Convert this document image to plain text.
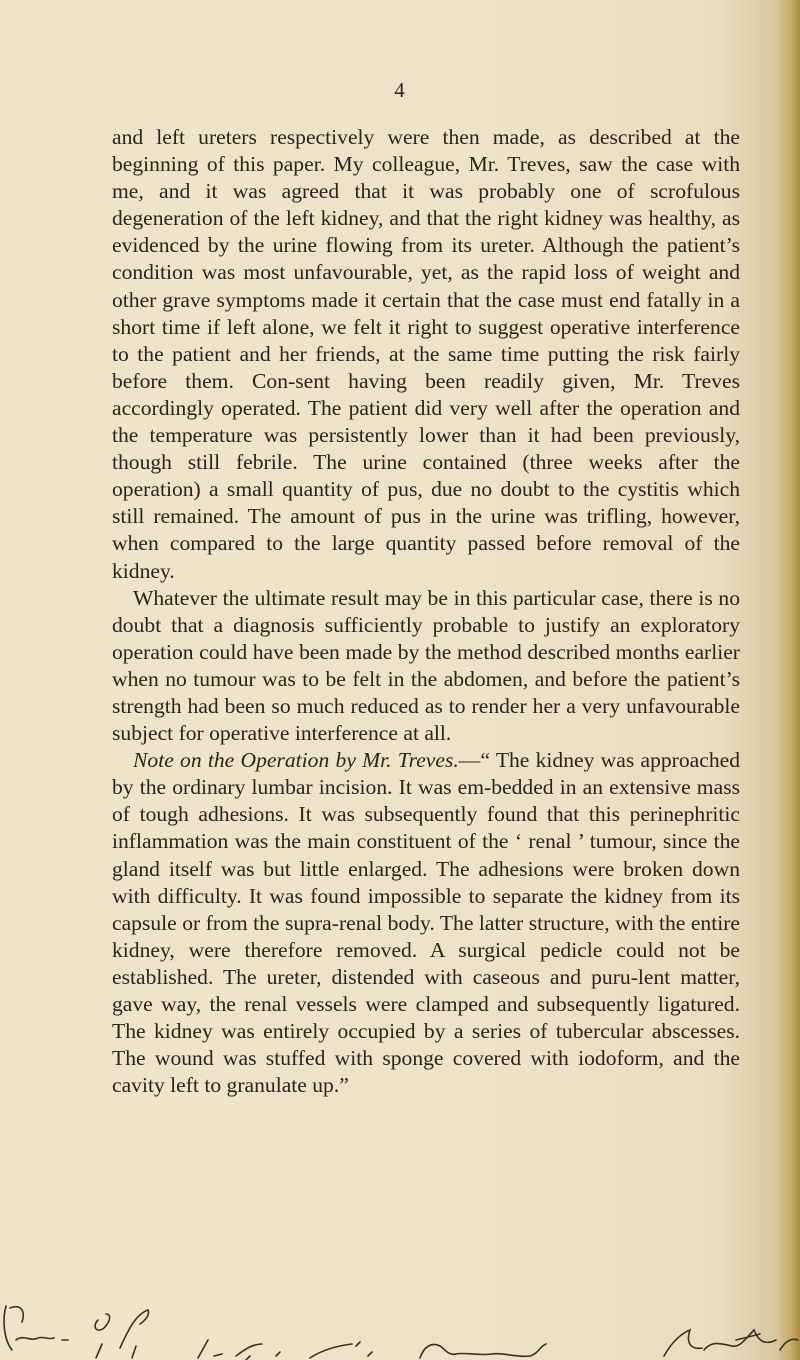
4

and left ureters respectively were then made, as described at the beginning of this paper. My colleague, Mr. Treves, saw the case with me, and it was agreed that it was probably one of scrofulous degeneration of the left kidney, and that the right kidney was healthy, as evidenced by the urine flowing from its ureter. Although the patient’s condition was most unfavourable, yet, as the rapid loss of weight and other grave symptoms made it certain that the case must end fatally in a short time if left alone, we felt it right to suggest operative interference to the patient and her friends, at the same time putting the risk fairly before them. Con-sent having been readily given, Mr. Treves accordingly operated. The patient did very well after the operation and the temperature was persistently lower than it had been previously, though still febrile. The urine contained (three weeks after the operation) a small quantity of pus, due no doubt to the cystitis which still remained. The amount of pus in the urine was trifling, however, when compared to the large quantity passed before removal of the kidney.

Whatever the ultimate result may be in this particular case, there is no doubt that a diagnosis sufficiently probable to justify an exploratory operation could have been made by the method described months earlier when no tumour was to be felt in the abdomen, and before the patient’s strength had been so much reduced as to render her a very unfavourable subject for operative interference at all.

Note on the Operation by Mr. Treves.—“ The kidney was approached by the ordinary lumbar incision. It was em-bedded in an extensive mass of tough adhesions. It was subsequently found that this perinephritic inflammation was the main constituent of the ‘ renal ’ tumour, since the gland itself was but little enlarged. The adhesions were broken down with difficulty. It was found impossible to separate the kidney from its capsule or from the supra-renal body. The latter structure, with the entire kidney, were therefore removed. A surgical pedicle could not be established. The ureter, distended with caseous and puru-lent matter, gave way, the renal vessels were clamped and subsequently ligatured. The kidney was entirely occupied by a series of tubercular abscesses. The wound was stuffed with sponge covered with iodoform, and the cavity left to granulate up.”
